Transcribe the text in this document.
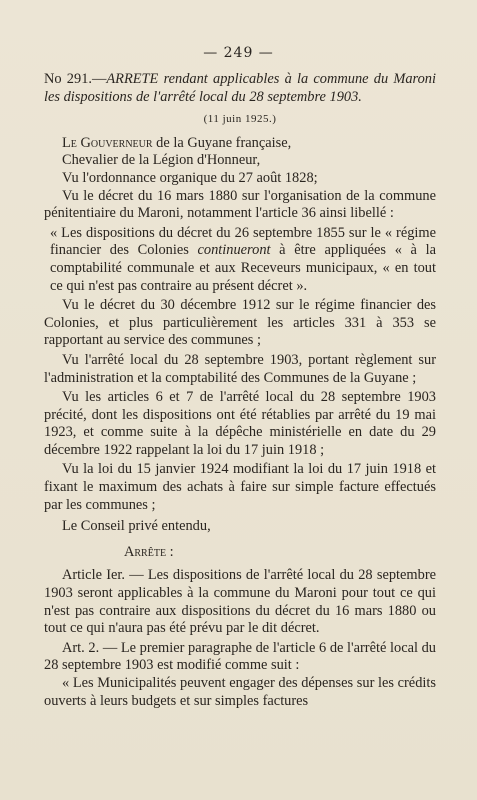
— 249 —

No 291.—ARRETE rendant applicables à la commune du Maroni les dispositions de l'arrêté local du 28 septembre 1903.

(11 juin 1925.)

Le Gouverneur de la Guyane française,

Chevalier de la Légion d'Honneur,

Vu l'ordonnance organique du 27 août 1828;

Vu le décret du 16 mars 1880 sur l'organisation de la commune pénitentiaire du Maroni, notamment l'article 36 ainsi libellé :

« Les dispositions du décret du 26 septembre 1855 sur le « régime financier des Colonies continueront à être appliquées « à la comptabilité communale et aux Receveurs municipaux, « en tout ce qui n'est pas contraire au présent décret ».

Vu le décret du 30 décembre 1912 sur le régime financier des Colonies, et plus particulièrement les articles 331 à 353 se rapportant au service des communes ;

Vu l'arrêté local du 28 septembre 1903, portant règlement sur l'administration et la comptabilité des Communes de la Guyane ;

Vu les articles 6 et 7 de l'arrêté local du 28 septembre 1903 précité, dont les dispositions ont été rétablies par arrêté du 19 mai 1923, et comme suite à la dépêche ministérielle en date du 29 décembre 1922 rappelant la loi du 17 juin 1918 ;

Vu la loi du 15 janvier 1924 modifiant la loi du 17 juin 1918 et fixant le maximum des achats à faire sur simple facture effectués par les communes ;

Le Conseil privé entendu,

Arrête :

Article Ier. — Les dispositions de l'arrêté local du 28 septembre 1903 seront applicables à la commune du Maroni pour tout ce qui n'est pas contraire aux dispositions du décret du 16 mars 1880 ou tout ce qui n'aura pas été prévu par le dit décret.

Art. 2. — Le premier paragraphe de l'article 6 de l'arrêté local du 28 septembre 1903 est modifié comme suit :

« Les Municipalités peuvent engager des dépenses sur les crédits ouverts à leurs budgets et sur simples factures
